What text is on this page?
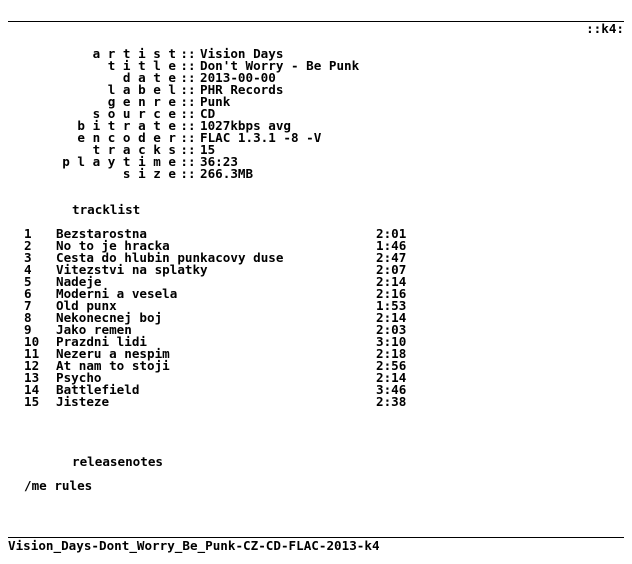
::k4:
a r t i s t :: Vision Days
t i t l e :: Don't Worry - Be Punk
d a t e :: 2013-00-00
l a b e l :: PHR Records
g e n r e :: Punk
s o u r c e :: CD
b i t r a t e :: 1027kbps avg
e n c o d e r :: FLAC 1.3.1 -8 -V
t r a c k s :: 15
p l a y t i m e :: 36:23
s i z e :: 266.3MB
tracklist
1 Bezstarostna	2:01
2 No to je hracka	1:46
3 Cesta do hlubin punkacovy duse	2:47
4 Vitezstvi na splatky	2:07
5 Nadeje	2:14
6 Moderni a vesela	2:16
7 Old punx	1:53
8 Nekonecnej boj	2:14
9 Jako remen	2:03
10 Prazdni lidi	3:10
11 Nezeru a nespim	2:18
12 At nam to stoji	2:56
13 Psycho	2:14
14 Battlefield	3:46
15 Jisteze	2:38
releasenotes
/me rules
Vision_Days-Dont_Worry_Be_Punk-CZ-CD-FLAC-2013-k4
